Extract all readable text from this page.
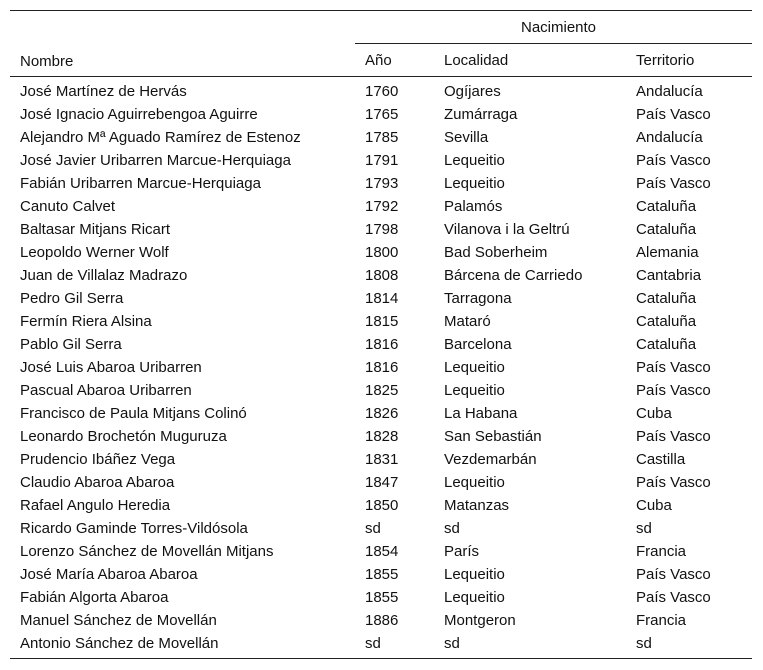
Nombre	Nacimiento		
	Año	Localidad	Territorio
José Martínez de Hervás	1760	Ogíjares	Andalucía
José Ignacio Aguirrebengoa Aguirre	1765	Zumárraga	País Vasco
Alejandro Mª Aguado Ramírez de Estenoz	1785	Sevilla	Andalucía
José Javier Uribarren Marcue-Herquiaga	1791	Lequeitio	País Vasco
Fabián Uribarren Marcue-Herquiaga	1793	Lequeitio	País Vasco
Canuto Calvet	1792	Palamós	Cataluña
Baltasar Mitjans Ricart	1798	Vilanova i la Geltrú	Cataluña
Leopoldo Werner Wolf	1800	Bad Soberheim	Alemania
Juan de Villalaz Madrazo	1808	Bárcena de Carriedo	Cantabria
Pedro Gil Serra	1814	Tarragona	Cataluña
Fermín Riera Alsina	1815	Mataró	Cataluña
Pablo Gil Serra	1816	Barcelona	Cataluña
José Luis Abaroa Uribarren	1816	Lequeitio	País Vasco
Pascual Abaroa Uribarren	1825	Lequeitio	País Vasco
Francisco de Paula Mitjans Colinó	1826	La Habana	Cuba
Leonardo Brochetón Muguruza	1828	San Sebastián	País Vasco
Prudencio Ibáñez Vega	1831	Vezdemarbán	Castilla
Claudio Abaroa Abaroa	1847	Lequeitio	País Vasco
Rafael Angulo Heredia	1850	Matanzas	Cuba
Ricardo Gaminde Torres-Vildósola	sd	sd	sd
Lorenzo Sánchez de Movellán Mitjans	1854	París	Francia
José María Abaroa Abaroa	1855	Lequeitio	País Vasco
Fabián Algorta Abaroa	1855	Lequeitio	País Vasco
Manuel Sánchez de Movellán	1886	Montgeron	Francia
Antonio Sánchez de Movellán	sd	sd	sd
